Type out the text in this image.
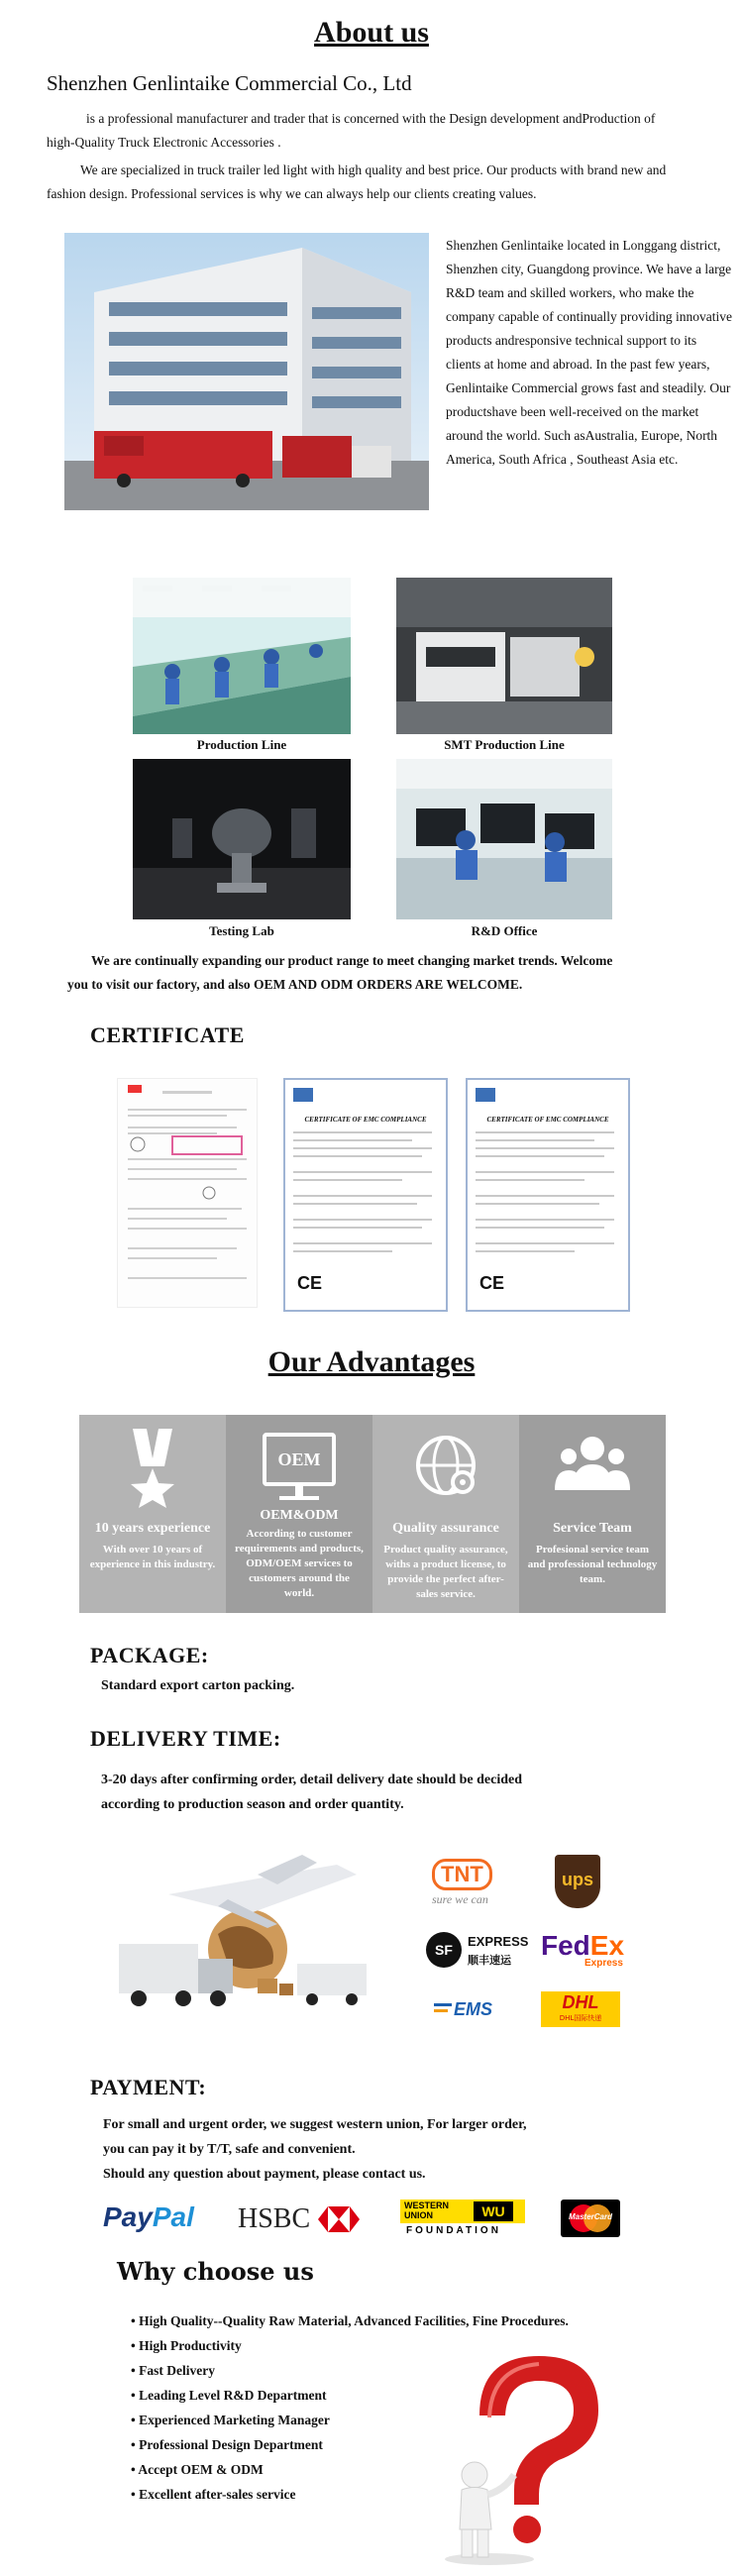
About us
Shenzhen Genlintaike Commercial Co., Ltd
is a professional manufacturer and trader that is concerned with the Design development andProduction of
high-Quality Truck Electronic Accessories .
We are specialized in truck trailer led light with high quality and best price. Our products with brand new and
fashion design. Professional services is why we can always help our clients creating values.
Shenzhen Genlintaike located in Longgang district, Shenzhen city, Guangdong province. We have a large R&D team and skilled workers, who make the company capable of continually providing innovative products andresponsive technical support to its clients at home and abroad. In the past few years, Genlintaike Commercial grows fast and steadily. Our productshave been well-received on the market around the world. Such asAustralia, Europe, North America, South Africa , Southeast Asia etc.
Production Line	SMT Production Line
Testing Lab	R&D Office
We are continually expanding our product range to meet changing market trends. Welcome
you to visit our factory, and also OEM AND ODM ORDERS ARE WELCOME.
CERTIFICATE
CERTIFICATE OF EMC COMPLIANCE
CE
CERTIFICATE OF EMC COMPLIANCE
CE
Our Advantages
10 years experience
With over 10 years of experience in this industry.
OEM
OEM&ODM
According to customer requirements and products, ODM/OEM services to customers around the world.
Quality assurance
Product quality assurance, withs a product license, to provide the perfect after-sales service.
Service Team
Profesional service team and professional technology team.
PACKAGE:
Standard export carton packing.
DELIVERY TIME:
3-20 days after confirming order, detail delivery date should be decided
according to production season and order quantity.
TNT
sure we can
ups
SF
EXPRESS
顺丰速运 FedEx
Express
EMS	DHL
DHL国际快递
PAYMENT:
For small and urgent order, we suggest western union, For larger order,
you can pay it by T/T, safe and convenient.
Should any question about payment, please contact us.
PayPal HSBC	WESTERN
UNION	WU
FOUNDATION
MasterCard
Why choose us
• High Quality--Quality Raw Material, Advanced Facilities, Fine Procedures.
• High Productivity
• Fast Delivery
• Leading Level R&D Department
• Experienced Marketing Manager
• Professional Design Department
• Accept OEM & ODM
• Excellent after-sales service
